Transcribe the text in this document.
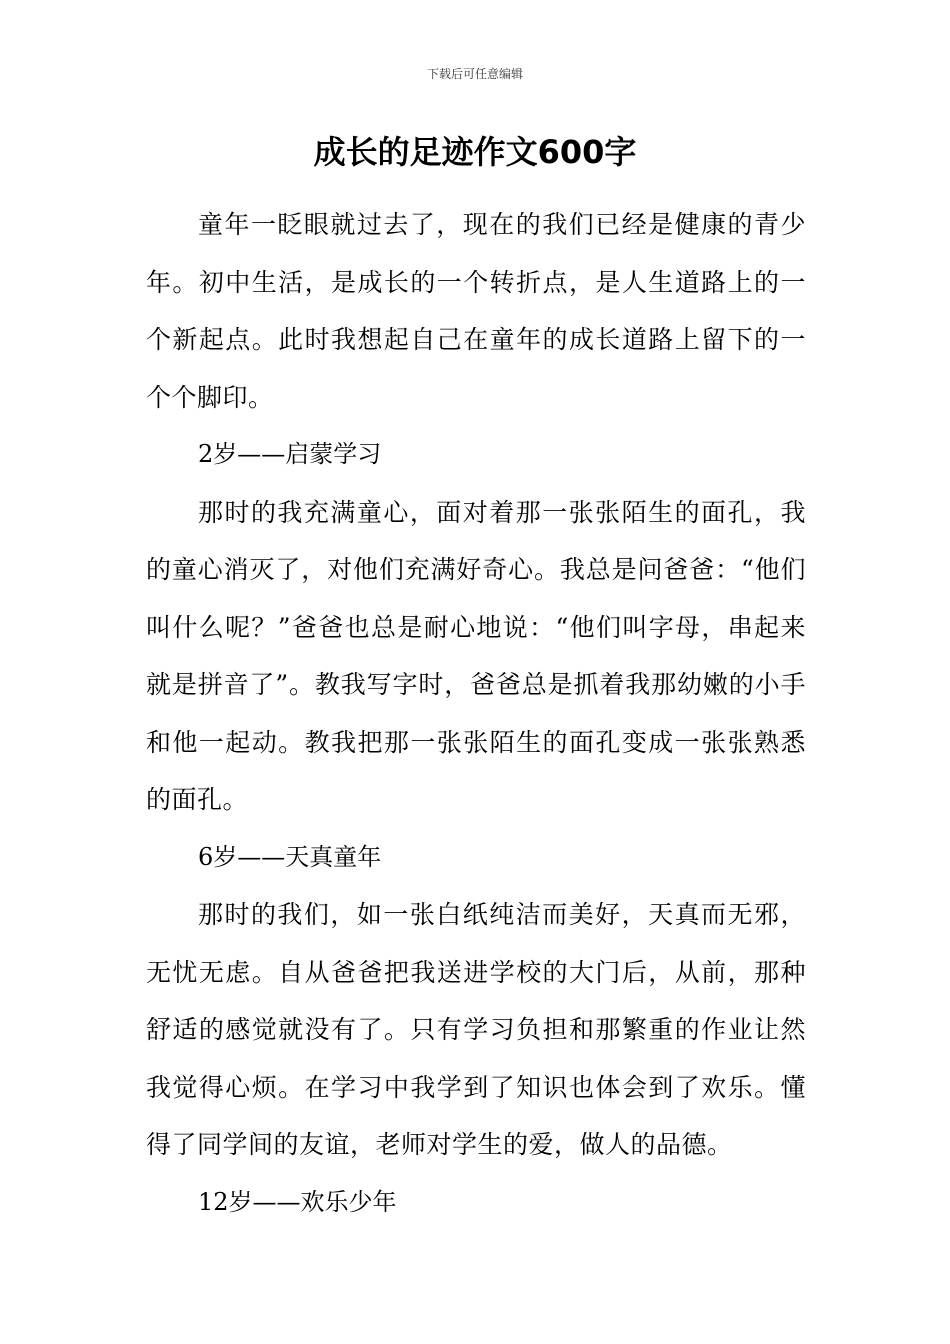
下载后可任意编辑
成长的足迹作文600字

童年一眨眼就过去了，现在的我们已经是健康的青少年。初中生活，是成长的一个转折点，是人生道路上的一个新起点。此时我想起自己在童年的成长道路上留下的一个个脚印。

2岁——启蒙学习

那时的我充满童心，面对着那一张张陌生的面孔，我的童心消灭了，对他们充满好奇心。我总是问爸爸：“他们叫什么呢？”爸爸也总是耐心地说：“他们叫字母，串起来就是拼音了”。教我写字时，爸爸总是抓着我那幼嫩的小手和他一起动。教我把那一张张陌生的面孔变成一张张熟悉的面孔。

6岁——天真童年

那时的我们，如一张白纸纯洁而美好，天真而无邪，无忧无虑。自从爸爸把我送进学校的大门后，从前，那种舒适的感觉就没有了。只有学习负担和那繁重的作业让然我觉得心烦。在学习中我学到了知识也体会到了欢乐。懂得了同学间的友谊，老师对学生的爱，做人的品德。

12岁——欢乐少年
